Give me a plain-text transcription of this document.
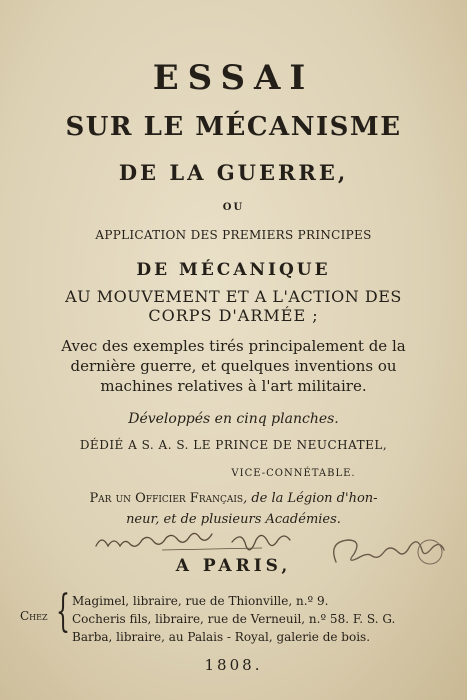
ESSAI
SUR LE MÉCANISME
DE LA GUERRE,
OU
APPLICATION DES PREMIERS PRINCIPES
DE MÉCANIQUE
AU MOUVEMENT ET A L'ACTION DES
CORPS D'ARMÉE ;
Avec des exemples tirés principalement de la
dernière guerre, et quelques inventions ou
machines relatives à l'art militaire.
Développés en cinq planches.
DÉDIÉ A S. A. S. LE PRINCE DE NEUCHATEL,
VICE-CONNÉTABLE.
Par un Officier Français, de la Légion d'hon-
neur, et de plusieurs Académies.
A PARIS,
Chez { Magimel, libraire, rue de Thionville, n.º 9.
Cocheris fils, libraire, rue de Verneuil, n.º 58. F. S. G.
Barba, libraire, au Palais - Royal, galerie de bois.
1808.
